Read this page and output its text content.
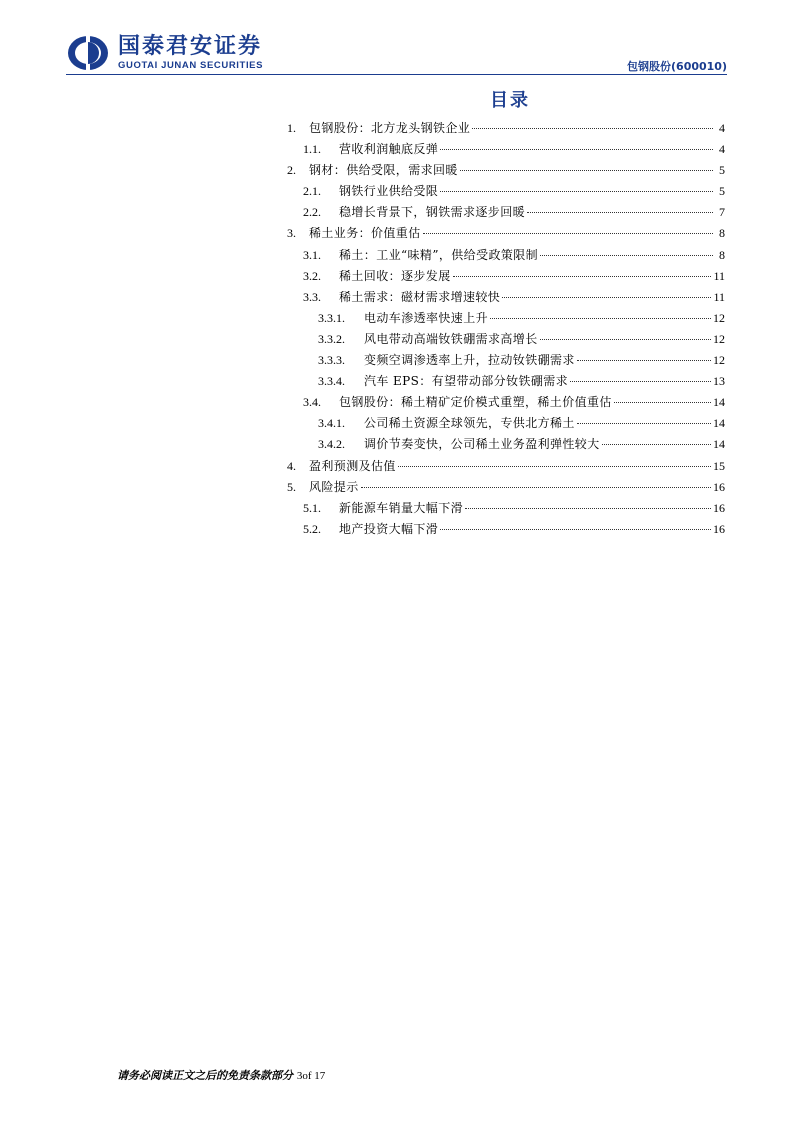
国泰君安证券
GUOTAI JUNAN SECURITIES	包钢股份(600010)
目录
1.	包钢股份：北方龙头钢铁企业	4
1.1.	营收利润触底反弹	4
2.	钢材：供给受限，需求回暖	5
2.1.	钢铁行业供给受限	5
2.2.	稳增长背景下，钢铁需求逐步回暖	7
3.	稀土业务：价值重估	8
3.1.	稀土：工业“味精”，供给受政策限制	8
3.2.	稀土回收：逐步发展	11
3.3.	稀土需求：磁材需求增速较快	11
3.3.1.	电动车渗透率快速上升	12
3.3.2.	风电带动高端钕铁硼需求高增长	12
3.3.3.	变频空调渗透率上升，拉动钕铁硼需求	12
3.3.4.	汽车 EPS：有望带动部分钕铁硼需求	13
3.4.	包钢股份：稀土精矿定价模式重塑，稀土价值重估	14
3.4.1.	公司稀土资源全球领先，专供北方稀土	14
3.4.2.	调价节奏变快，公司稀土业务盈利弹性较大	14
4.	盈利预测及估值	15
5.	风险提示	16
5.1.	新能源车销量大幅下滑	16
5.2.	地产投资大幅下滑	16
请务必阅读正文之后的免责条款部分 3of 17
